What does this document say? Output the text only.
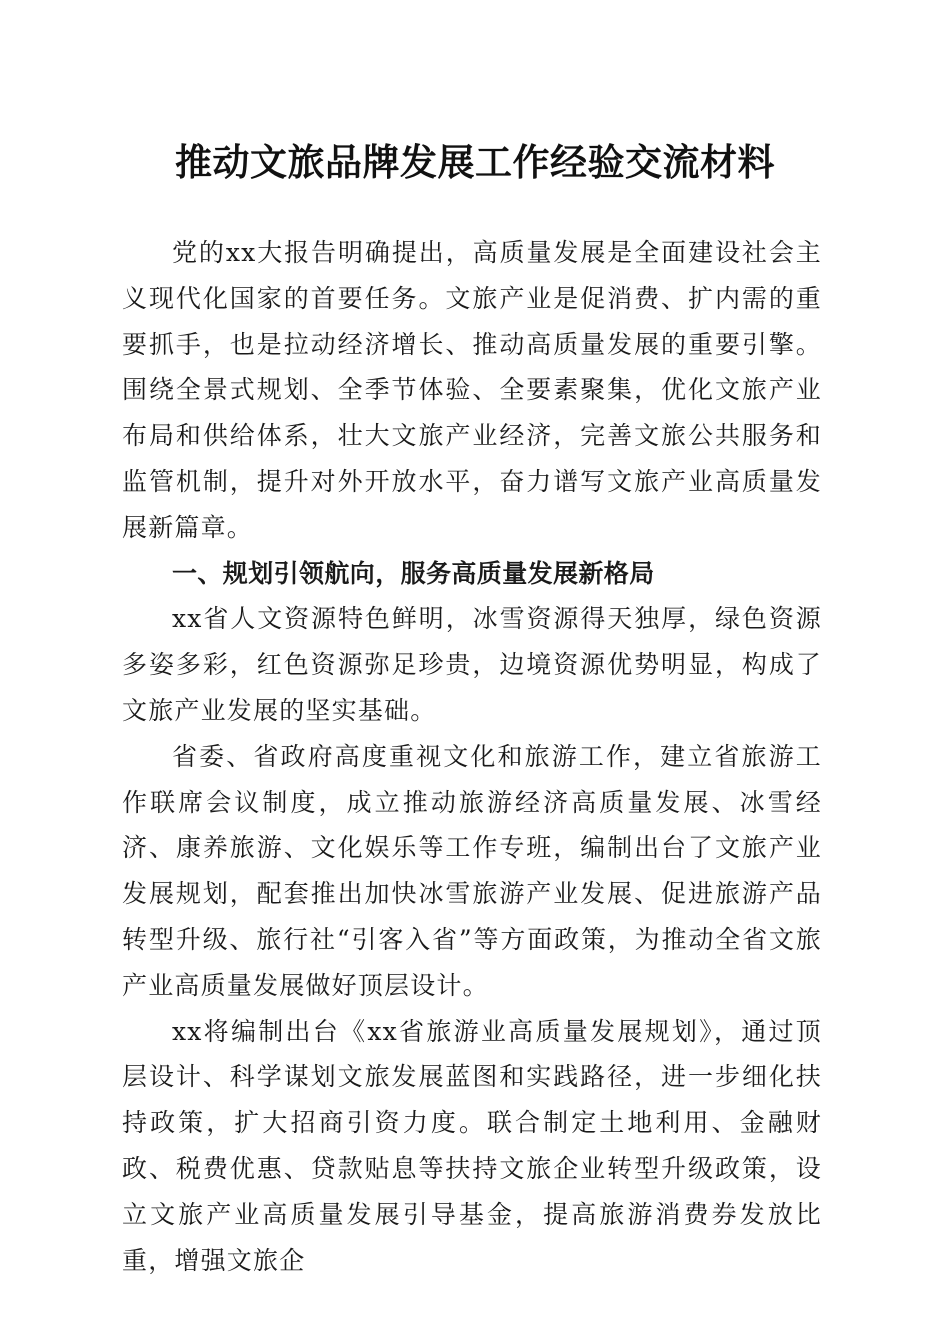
推动文旅品牌发展工作经验交流材料

党的xx大报告明确提出，高质量发展是全面建设社会主义现代化国家的首要任务。文旅产业是促消费、扩内需的重要抓手，也是拉动经济增长、推动高质量发展的重要引擎。围绕全景式规划、全季节体验、全要素聚集，优化文旅产业布局和供给体系，壮大文旅产业经济，完善文旅公共服务和监管机制，提升对外开放水平，奋力谱写文旅产业高质量发展新篇章。

一、规划引领航向，服务高质量发展新格局

xx省人文资源特色鲜明，冰雪资源得天独厚，绿色资源多姿多彩，红色资源弥足珍贵，边境资源优势明显，构成了文旅产业发展的坚实基础。

省委、省政府高度重视文化和旅游工作，建立省旅游工作联席会议制度，成立推动旅游经济高质量发展、冰雪经济、康养旅游、文化娱乐等工作专班，编制出台了文旅产业发展规划，配套推出加快冰雪旅游产业发展、促进旅游产品转型升级、旅行社“引客入省”等方面政策，为推动全省文旅产业高质量发展做好顶层设计。

xx将编制出台《xx省旅游业高质量发展规划》，通过顶层设计、科学谋划文旅发展蓝图和实践路径，进一步细化扶持政策，扩大招商引资力度。联合制定土地利用、金融财政、税费优惠、贷款贴息等扶持文旅企业转型升级政策，设立文旅产业高质量发展引导基金，提高旅游消费券发放比重，增强文旅企
